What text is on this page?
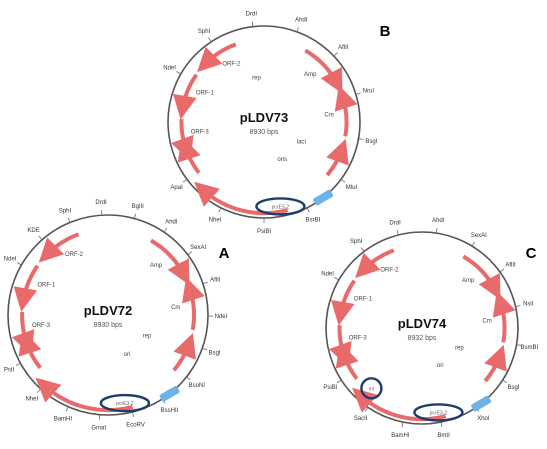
NdeI
SphI
DrdI
AhdI
AflII
NruI
BsgI
MluI
BsrBI
PsiBI
NheI
ApaI
pcrE3-2
ORF-2
ORF-1
ORF-3
Amp
Cm
oris
lacI
rep
pLDV73
8930 bps
B
NdeI
KDE
SphI
DrdI
BglII
AhdI
SexAI
AflII
NdeI
BsgI
BsoNI
BssHII
EcoRV
GmaI
BamHI
NheI
PstI
pcrE3-2
ORF-2
ORF-1
ORF-3
Amp
Cm
ori
rep
pLDV72
8930 bps
A
NdeI
SphI
DrdI	AhdI
SexAI
AflII
NsiI
BsmBI
BsgI
XhoI
BmtI
BamHI
SacII
PsiBI
pcrE3-2
mI
ORF-2
ORF-1
ORF-3
Amp
Cm
ori
rep
pLDV74
8932 bps
C
